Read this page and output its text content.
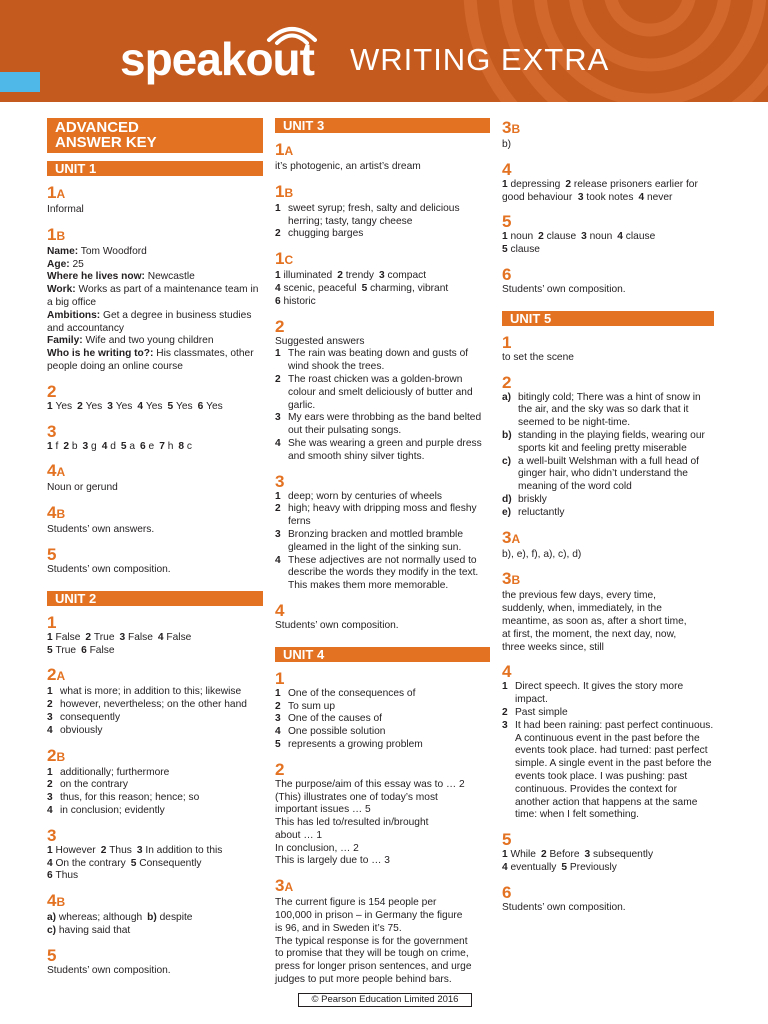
speakout WRITING EXTRA
ADVANCED
ANSWER KEY
UNIT 1
1A
Informal
1B
Name: Tom Woodford
Age: 25
Where he lives now: Newcastle
Work: Works as part of a maintenance team in a big office
Ambitions: Get a degree in business studies and accountancy
Family: Wife and two young children
Who is he writing to?: His classmates, other people doing an online course
2
1 Yes 2 Yes 3 Yes 4 Yes 5 Yes 6 Yes
3
1 f 2 b 3 g 4 d 5 a 6 e 7 h 8 c
4A
Noun or gerund
4B
Students’ own answers.
5
Students’ own composition.
UNIT 2
1
1 False 2 True 3 False 4 False
5 True 6 False
2A
1 what is more; in addition to this; likewise
2 however, nevertheless; on the other hand
3 consequently
4 obviously
2B
1 additionally; furthermore
2 on the contrary
3 thus, for this reason; hence; so
4 in conclusion; evidently
3
1 However 2 Thus 3 In addition to this
4 On the contrary 5 Consequently
6 Thus
4B
a) whereas; although b) despite
c) having said that
5
Students’ own composition.
UNIT 3
1A
it’s photogenic, an artist’s dream
1B
1 sweet syrup; fresh, salty and delicious herring; tasty, tangy cheese
2 chugging barges
1C
1 illuminated 2 trendy 3 compact
4 scenic, peaceful 5 charming, vibrant
6 historic
2
Suggested answers
1 The rain was beating down and gusts of wind shook the trees.
2 The roast chicken was a golden-brown colour and smelt deliciously of butter and garlic.
3 My ears were throbbing as the band belted out their pulsating songs.
4 She was wearing a green and purple dress and smooth shiny silver tights.
3
1 deep; worn by centuries of wheels
2 high; heavy with dripping moss and fleshy ferns
3 Bronzing bracken and mottled bramble gleamed in the light of the sinking sun.
4 These adjectives are not normally used to describe the words they modify in the text. This makes them more memorable.
4
Students’ own composition.
UNIT 4
1
1 One of the consequences of
2 To sum up
3 One of the causes of
4 One possible solution
5 represents a growing problem
2
The purpose/aim of this essay was to … 2
(This) illustrates one of today’s most
important issues … 5
This has led to/resulted in/brought
about … 1
In conclusion, … 2
This is largely due to … 3
3A
The current figure is 154 people per
100,000 in prison – in Germany the figure
is 96, and in Sweden it’s 75.
The typical response is for the government
to promise that they will be tough on crime,
press for longer prison sentences, and urge
judges to put more people behind bars.
3B
b)
4
1 depressing 2 release prisoners earlier for
good behaviour 3 took notes 4 never
5
1 noun 2 clause 3 noun 4 clause
5 clause
6
Students’ own composition.
UNIT 5
1
to set the scene
2
a) bitingly cold; There was a hint of snow in the air, and the sky was so dark that it seemed to be night-time.
b) standing in the playing fields, wearing our sports kit and feeling pretty miserable
c) a well-built Welshman with a full head of ginger hair, who didn’t understand the meaning of the word cold
d) briskly
e) reluctantly
3A
b), e), f), a), c), d)
3B
the previous few days, every time,
suddenly, when, immediately, in the
meantime, as soon as, after a short time,
at first, the moment, the next day, now,
three weeks since, still
4
1 Direct speech. It gives the story more impact.
2 Past simple
3 It had been raining: past perfect continuous. A continuous event in the past before the events took place. had turned: past perfect simple. A single event in the past before the events took place. I was pushing: past continuous. Provides the context for another action that happens at the same time: when I felt something.
5
1 While 2 Before 3 subsequently
4 eventually 5 Previously
6
Students’ own composition.
© Pearson Education Limited 2016
